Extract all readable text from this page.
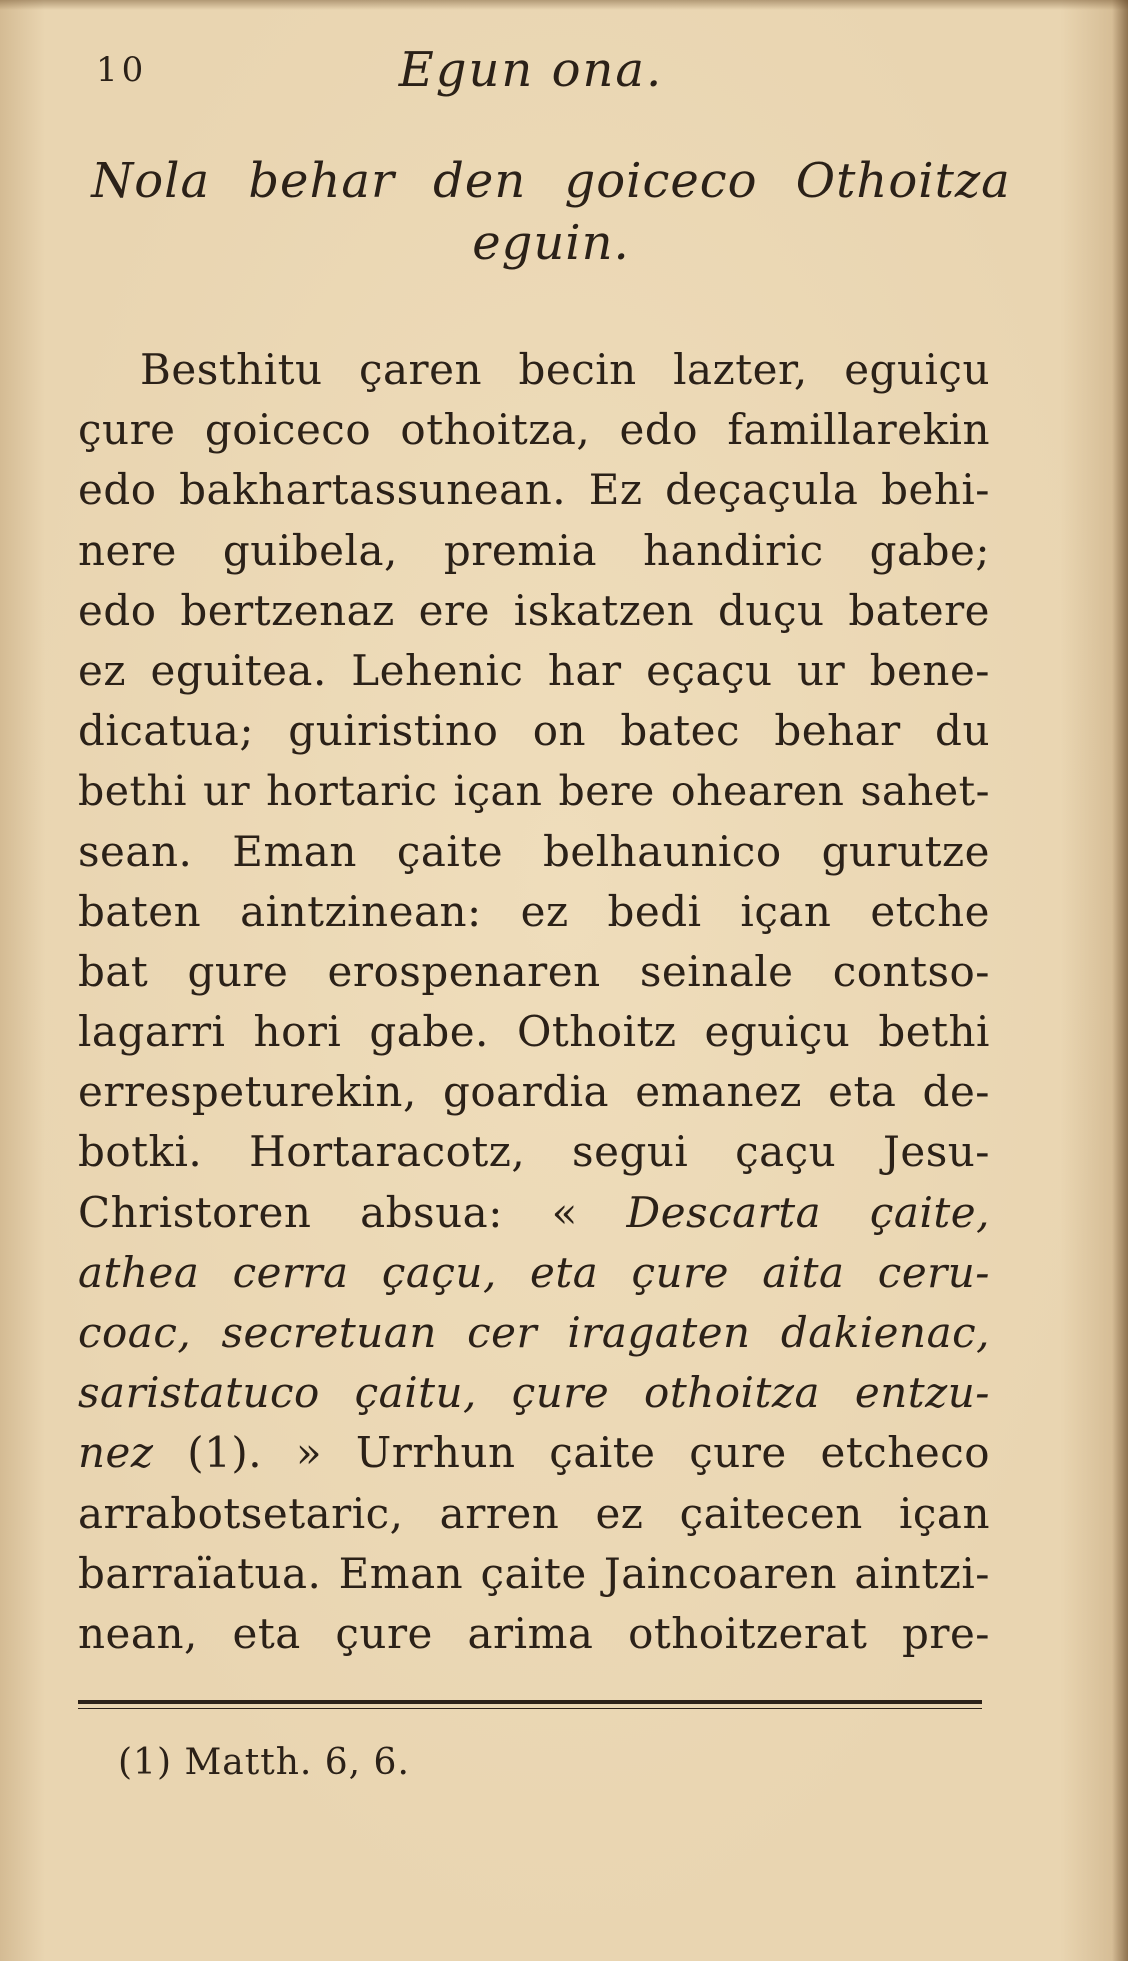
10	Egun ona.
Nola behar den goiceco Othoitza eguin.
Besthitu çaren becin lazter, eguiçu
çure goiceco othoitza, edo famillarekin
edo bakhartassunean. Ez deçaçula behi-
nere guibela, premia handiric gabe;
edo bertzenaz ere iskatzen duçu batere
ez eguitea. Lehenic har eçaçu ur bene-
dicatua; guiristino on batec behar du
bethi ur hortaric içan bere ohearen sahet-
sean. Eman çaite belhaunico gurutze
baten aintzinean: ez bedi içan etche
bat gure erospenaren seinale contso-
lagarri hori gabe. Othoitz eguiçu bethi
errespeturekin, goardia emanez eta de-
botki. Hortaracotz, segui çaçu Jesu-
Christoren absua: « Descarta çaite,
athea cerra çaçu, eta çure aita ceru-
coac, secretuan cer iragaten dakienac,
saristatuco çaitu, çure othoitza entzu-
nez (1). » Urrhun çaite çure etcheco
arrabotsetaric, arren ez çaitecen içan
barraïatua. Eman çaite Jaincoaren aintzi-
nean, eta çure arima othoitzerat pre-
(1) Matth. 6, 6.
